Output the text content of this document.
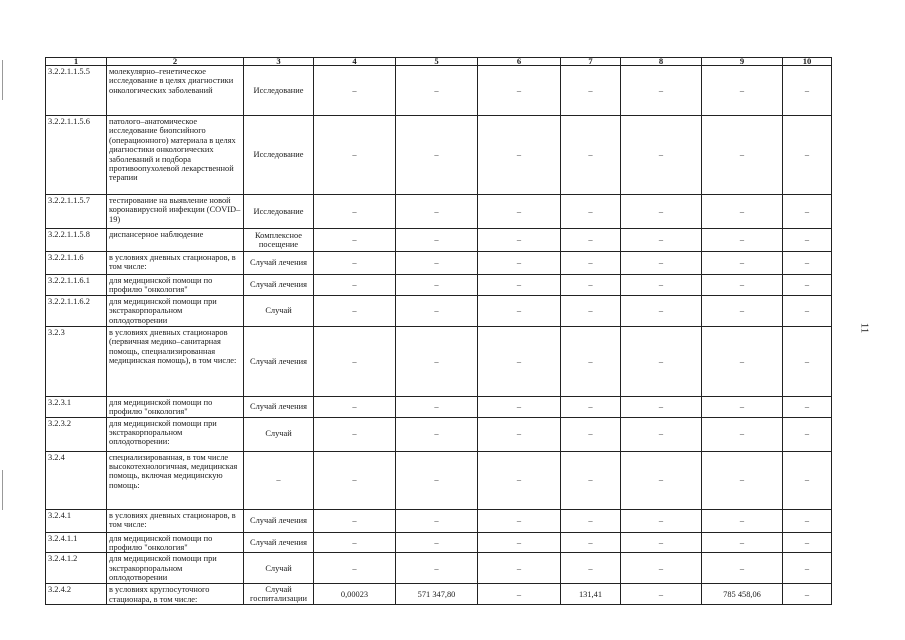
1	2	3	4	5	6	7	8	9	10
3.2.2.1.1.5.5	молекулярно–генетическое исследование в целях диагностики онкологических заболеваний	Исследование	–	–	–	–	–	–	–
3.2.2.1.1.5.6	патолого–анатомическое исследование биопсийного (операционного) материала в целях диагностики онкологических заболеваний и подбора противоопухолевой лекарственной терапии	Исследование	–	–	–	–	–	–	–
3.2.2.1.1.5.7	тестирование на выявление новой коронавирусной инфекции (COVID–19)	Исследование	–	–	–	–	–	–	–
3.2.2.1.1.5.8	диспансерное наблюдение	Комплексное посещение	–	–	–	–	–	–	–
3.2.2.1.1.6	в условиях дневных стационаров, в том числе:	Случай лечения	–	–	–	–	–	–	–
3.2.2.1.1.6.1	для медицинской помощи по профилю "онкология"	Случай лечения	–	–	–	–	–	–	–
3.2.2.1.1.6.2	для медицинской помощи при экстракорпоральном оплодотворении	Случай	–	–	–	–	–	–	–
3.2.3	в условиях дневных стационаров (первичная медико–санитарная помощь, специализированная медицинская помощь), в том числе:	Случай лечения	–	–	–	–	–	–	–
3.2.3.1	для медицинской помощи по профилю "онкология"	Случай лечения	–	–	–	–	–	–	–
3.2.3.2	для медицинской помощи при экстракорпоральном оплодотворении:	Случай	–	–	–	–	–	–	–
3.2.4	специализированная, в том числе высокотехнологичная, медицинская помощь, включая медицинскую помощь:	–	–	–	–	–	–	–	–
3.2.4.1	в условиях дневных стационаров, в том числе:	Случай лечения	–	–	–	–	–	–	–
3.2.4.1.1	для медицинской помощи по профилю "онкология"	Случай лечения	–	–	–	–	–	–	–
3.2.4.1.2	для медицинской помощи при экстракорпоральном оплодотворении	Случай	–	–	–	–	–	–	–
3.2.4.2	в условиях круглосуточного стационара, в том числе:	Случай госпитализации	0,00023	571 347,80	–	131,41	–	785 458,06	–
11
